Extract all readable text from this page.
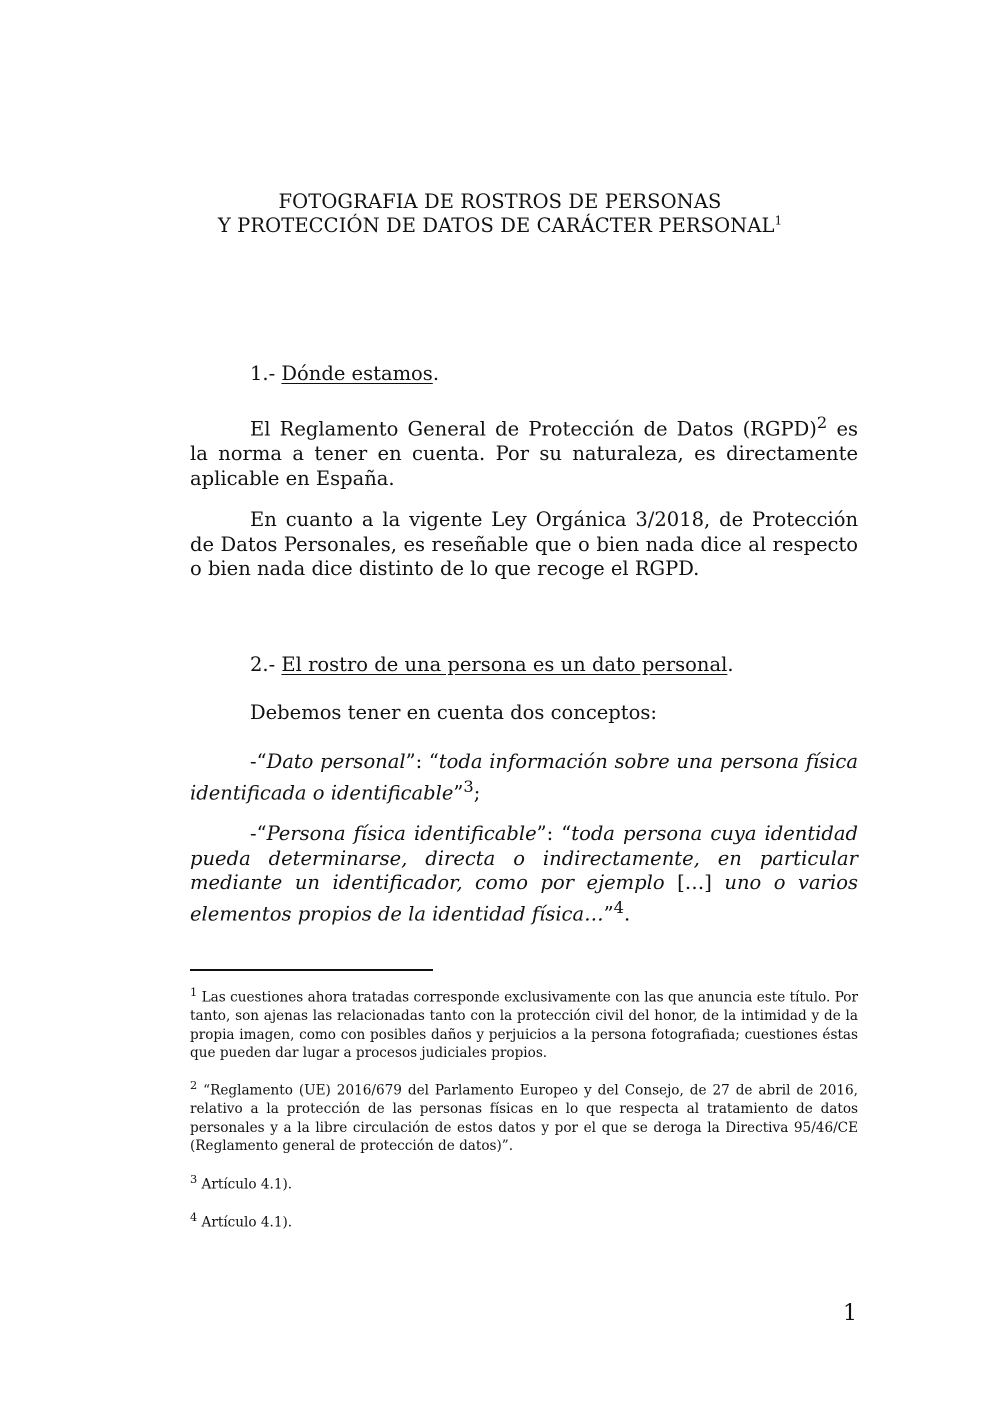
FOTOGRAFIA DE ROSTROS DE PERSONAS
Y PROTECCIÓN DE DATOS DE CARÁCTER PERSONAL$^1$

1.- Dónde estamos.

El Reglamento General de Protección de Datos (RGPD)$^2$ es la norma a tener en cuenta. Por su naturaleza, es directamente aplicable en España.

En cuanto a la vigente Ley Orgánica 3/2018, de Protección de Datos Personales, es reseñable que o bien nada dice al respecto o bien nada dice distinto de lo que recoge el RGPD.

2.- El rostro de una persona es un dato personal.

Debemos tener en cuenta dos conceptos:

-“Dato personal”: “toda información sobre una persona física identificada o identificable”$^3$;

-“Persona física identificable”: “toda persona cuya identidad pueda determinarse, directa o indirectamente, en particular mediante un identificador, como por ejemplo […] uno o varios elementos propios de la identidad física…”$^4$.

$^1$ Las cuestiones ahora tratadas corresponde exclusivamente con las que anuncia este título. Por tanto, son ajenas las relacionadas tanto con la protección civil del honor, de la intimidad y de la propia imagen, como con posibles daños y perjuicios a la persona fotografiada; cuestiones éstas que pueden dar lugar a procesos judiciales propios.

$^2$ “Reglamento (UE) 2016/679 del Parlamento Europeo y del Consejo, de 27 de abril de 2016, relativo a la protección de las personas físicas en lo que respecta al tratamiento de datos personales y a la libre circulación de estos datos y por el que se deroga la Directiva 95/46/CE (Reglamento general de protección de datos)”.

$^3$ Artículo 4.1).

$^4$ Artículo 4.1).

1
